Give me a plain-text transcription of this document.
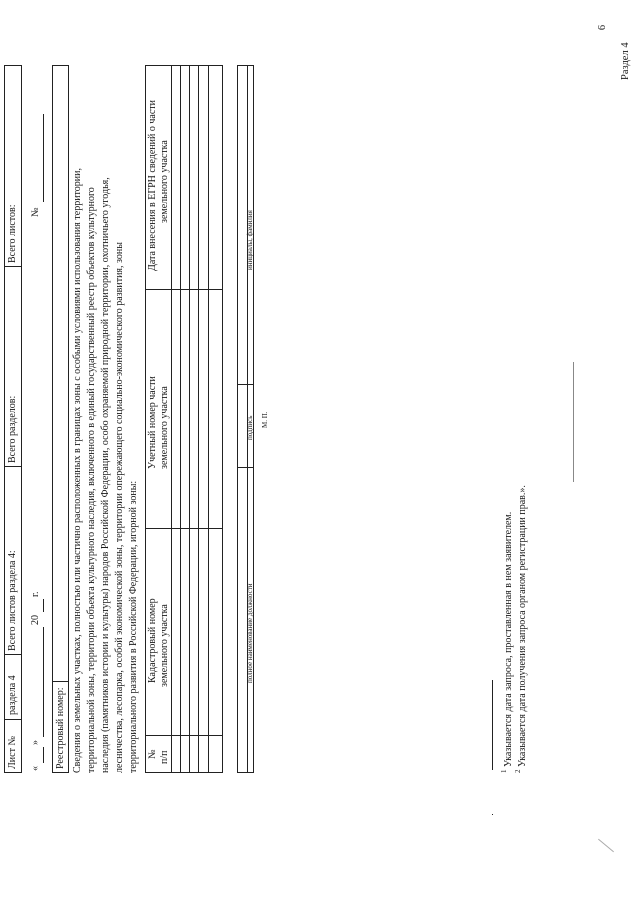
6
Раздел 4
Лист №
раздела 4
Всего листов раздела 4:
Всего разделов:
Всего листов:
«
»
20
г.
№
Реестровый номер: Сведения о земельных участках, полностью или частично расположенных в границах зоны с особыми условиями использования территории, территориальной зоны, территории объекта культурного наследия, включенного в единый государственный реестр объектов культурного наследия (памятников истории и культуры) народов Российской Федерации, особо охраняемой природной территории, охотничьего угодья, лесничества, лесопарка, особой экономической зоны, территории опережающего социально-экономического развития, зоны территориального развития в Российской Федерации, игорной зоны: № п/п
Кадастровый номер земельного участка
Учетный номер части земельного участка
Дата внесения в ЕГРН сведений о части земельного участка
полное наименование должности
подпись
инициалы, фамилия
М. П.
1
Указывается дата запроса, проставленная в нем заявителем.
2
Указывается дата получения запроса органом регистрации прав.».
